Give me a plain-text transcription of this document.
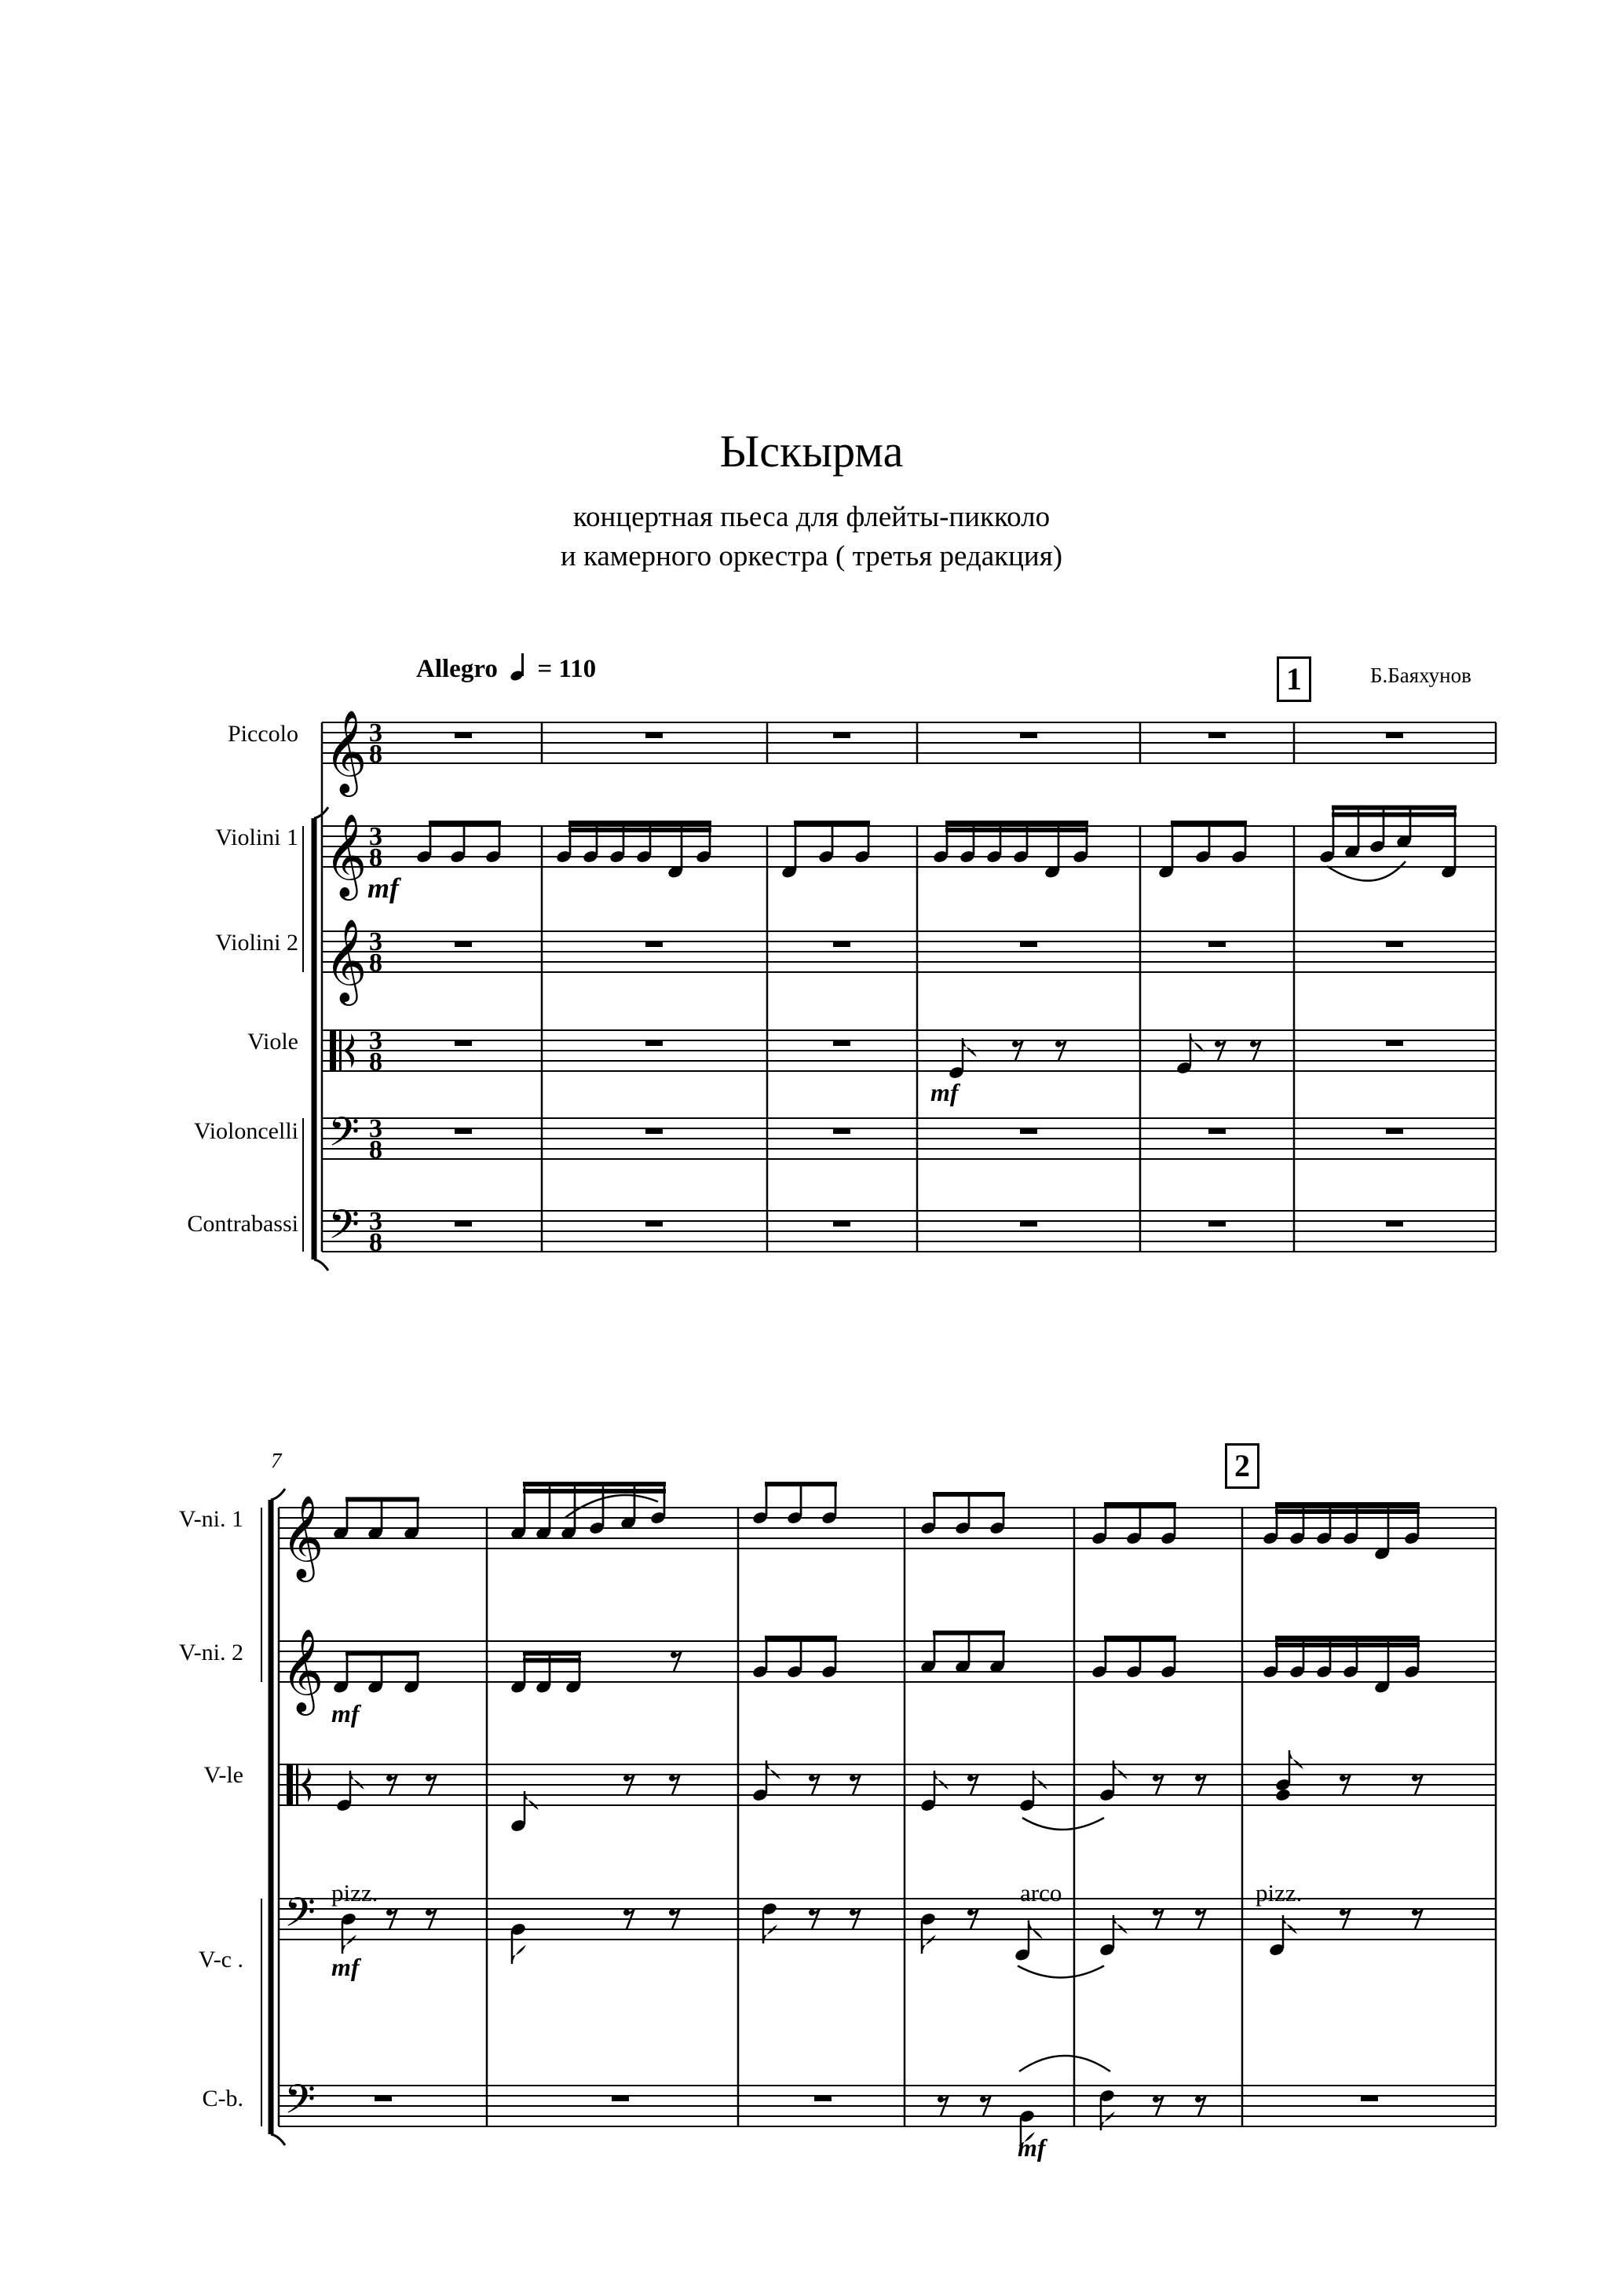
Ыскырма
концертная пьеса для флейты-пикколо
и камерного оркестра ( третья редакция)
Allegro = 110	Б.Баяхунов
1
2
7
Piccolo
Violini 1
Violini 2
Viole
Violoncelli
Contrabassi
V-ni. 1
V-ni. 2
V-le
V-c .
C-b.
pizz.	arco	pizz.
𝄞 3
8
𝄞 3
8
𝄞 3
8
3
8
𝄢 3
8
𝄢 3
8
𝄞
𝄞
𝄢
𝄢
mf
mf
mf
mf
mf
